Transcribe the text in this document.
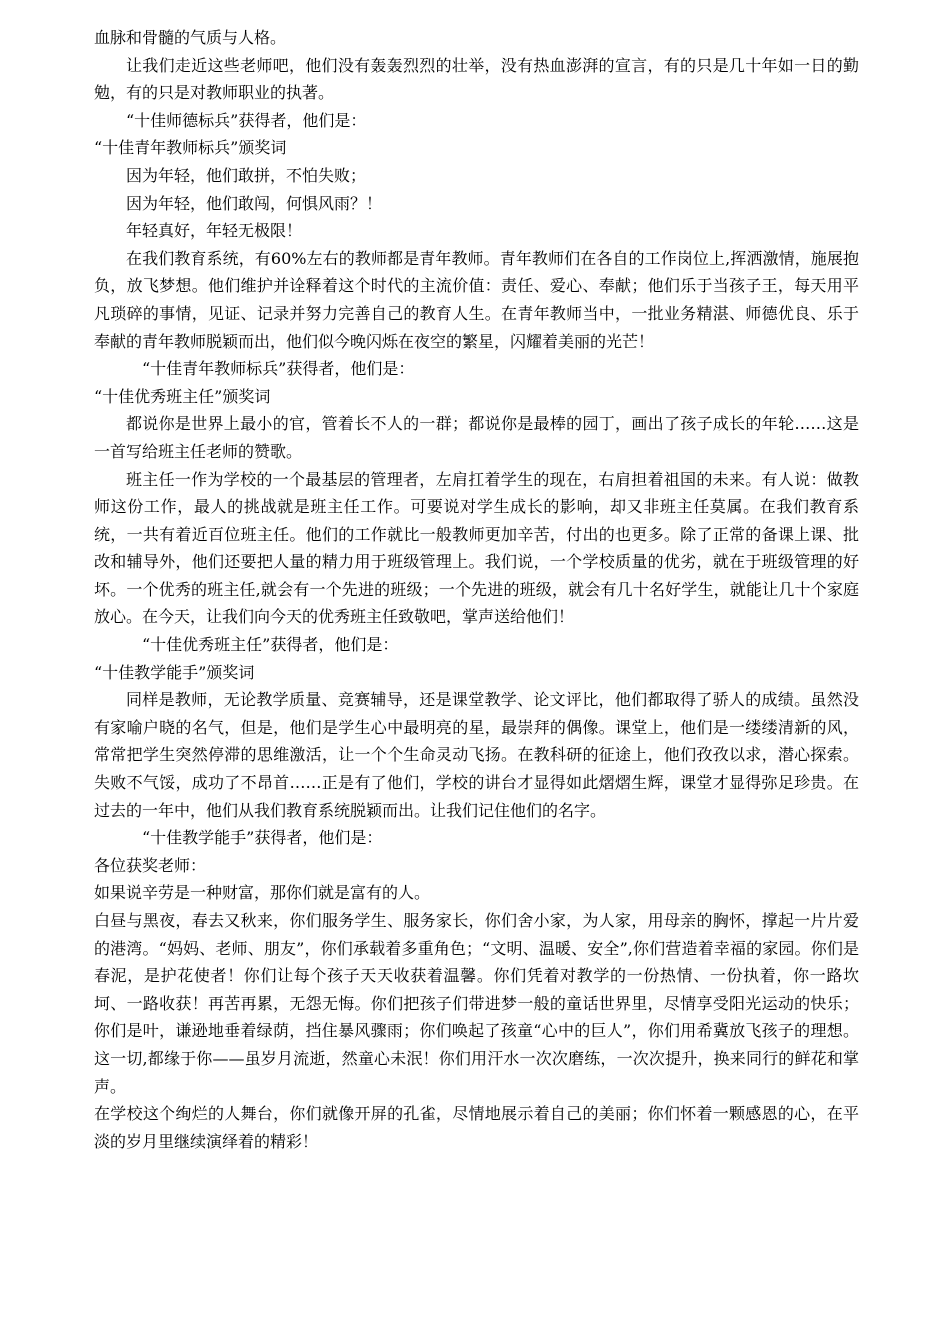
血脉和骨髓的气质与人格。

让我们走近这些老师吧，他们没有轰轰烈烈的壮举，没有热血澎湃的宣言，有的只是几十年如一日的勤勉，有的只是对教师职业的执著。

“十佳师德标兵”获得者，他们是：

“十佳青年教师标兵”颁奖词

因为年轻，他们敢拼，不怕失败；

因为年轻，他们敢闯，何惧风雨？！

年轻真好，年轻无极限！

在我们教育系统，有60%左右的教师都是青年教师。青年教师们在各自的工作岗位上,挥洒激情，施展抱负，放飞梦想。他们维护并诠释着这个时代的主流价值：责任、爱心、奉献；他们乐于当孩子王，每天用平凡琐碎的事情，见证、记录并努力完善自己的教育人生。在青年教师当中，一批业务精湛、师德优良、乐于奉献的青年教师脱颖而出，他们似今晚闪烁在夜空的繁星，闪耀着美丽的光芒！

“十佳青年教师标兵”获得者，他们是：

“十佳优秀班主任”颁奖词

都说你是世界上最小的官，管着长不人的一群；都说你是最棒的园丁，画出了孩子成长的年轮……这是一首写给班主任老师的赞歌。

班主任一作为学校的一个最基层的管理者，左肩扛着学生的现在，右肩担着祖国的未来。有人说：做教师这份工作，最人的挑战就是班主任工作。可要说对学生成长的影响，却又非班主任莫属。在我们教育系统，一共有着近百位班主任。他们的工作就比一般教师更加辛苦，付出的也更多。除了正常的备课上课、批改和辅导外，他们还要把人量的精力用于班级管理上。我们说，一个学校质量的优劣，就在于班级管理的好坏。一个优秀的班主任,就会有一个先进的班级；一个先进的班级，就会有几十名好学生，就能让几十个家庭放心。在今天，让我们向今天的优秀班主任致敬吧，掌声送给他们！

“十佳优秀班主任”获得者，他们是：

“十佳教学能手”颁奖词

同样是教师，无论教学质量、竞赛辅导，还是课堂教学、论文评比，他们都取得了骄人的成绩。虽然没有家喻户晓的名气，但是，他们是学生心中最明亮的星，最崇拜的偶像。课堂上，他们是一缕缕清新的风，常常把学生突然停滞的思维激活，让一个个生命灵动飞扬。在教科研的征途上，他们孜孜以求，潜心探索。失败不气馁，成功了不昂首……正是有了他们，学校的讲台才显得如此熠熠生辉，课堂才显得弥足珍贵。在过去的一年中，他们从我们教育系统脱颖而出。让我们记住他们的名字。

“十佳教学能手”获得者，他们是：

各位获奖老师：

如果说辛劳是一种财富，那你们就是富有的人。

白昼与黑夜，春去又秋来，你们服务学生、服务家长，你们舍小家，为人家，用母亲的胸怀，撑起一片片爱的港湾。“妈妈、老师、朋友”，你们承载着多重角色；“文明、温暖、安全”,你们营造着幸福的家园。你们是春泥，是护花使者！你们让每个孩子天天收获着温馨。你们凭着对教学的一份热情、一份执着，你一路坎坷、一路收获！再苦再累，无怨无悔。你们把孩子们带进梦一般的童话世界里，尽情享受阳光运动的快乐；你们是叶，谦逊地垂着绿荫，挡住暴风骤雨；你们唤起了孩童“心中的巨人”，你们用希冀放飞孩子的理想。这一切,都缘于你——虽岁月流逝，然童心未泯！你们用汗水一次次磨练，一次次提升，换来同行的鲜花和掌声。

在学校这个绚烂的人舞台，你们就像开屏的孔雀，尽情地展示着自己的美丽；你们怀着一颗感恩的心，在平淡的岁月里继续演绎着的精彩！
